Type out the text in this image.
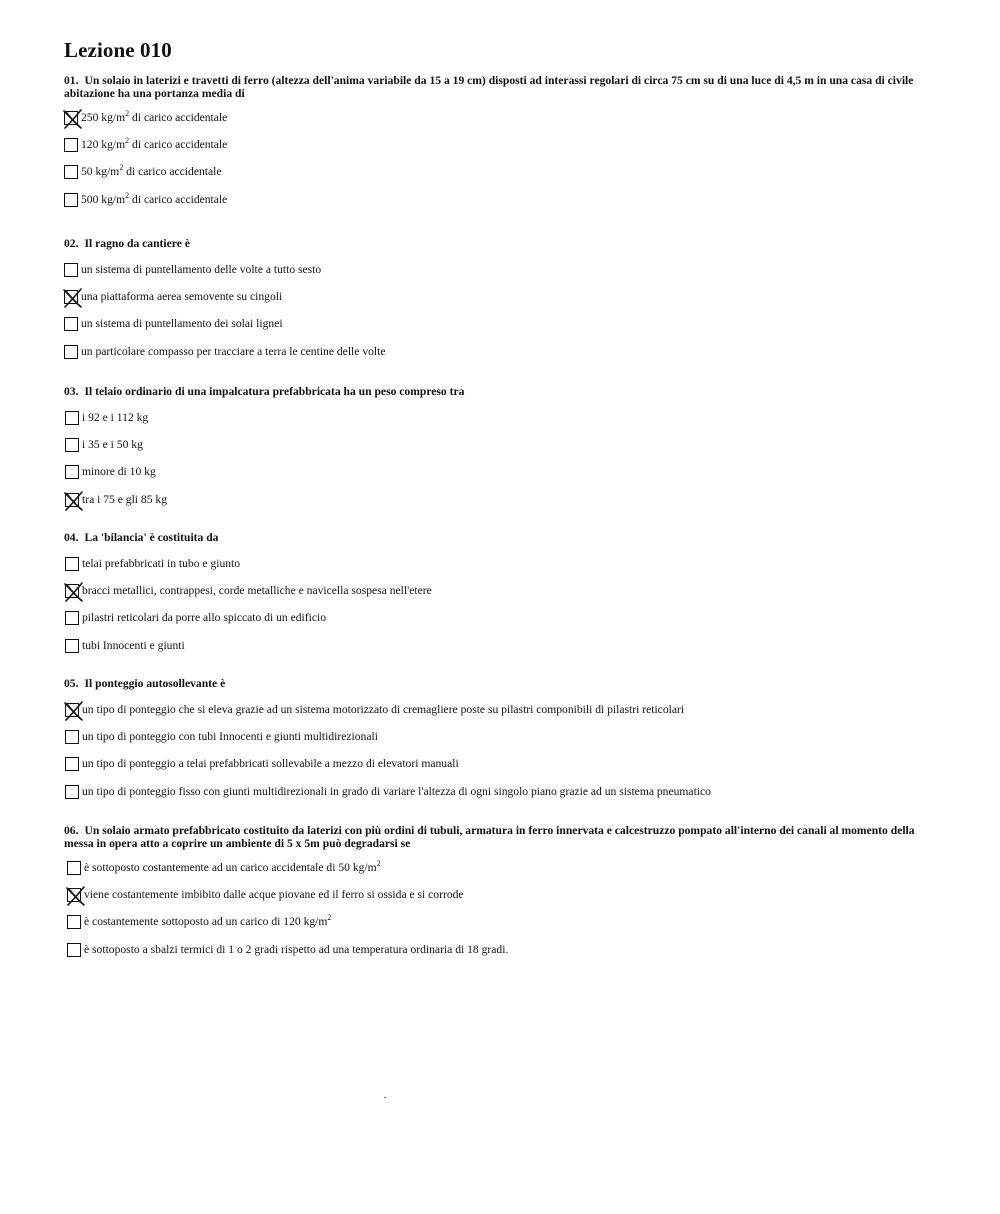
Lezione 010

01. Un solaio in laterizi e travetti di ferro (altezza dell'anima variabile da 15 a 19 cm) disposti ad interassi regolari di circa 75 cm su di una luce di 4,5 m in una casa di civile abitazione ha una portanza media di

250 $kg/m^2$ di carico accidentale
120 $kg/m^2$ di carico accidentale
50 $kg/m^2$ di carico accidentale
500 $kg/m^2$ di carico accidentale

02. Il ragno da cantiere è

un sistema di puntellamento delle volte a tutto sesto
una piattaforma aerea semovente su cingoli
un sistema di puntellamento dei solai lignei
un particolare compasso per tracciare a terra le centine delle volte

03. Il telaio ordinario di una impalcatura prefabbricata ha un peso compreso tra

i 92 e i 112 kg
i 35 e i 50 kg
minore di 10 kg
tra i 75 e gli 85 kg

04. La 'bilancia' è costituita da

telai prefabbricati in tubo e giunto
bracci metallici, contrappesi, corde metalliche e navicella sospesa nell'etere
pilastri reticolari da porre allo spiccato di un edificio
tubi Innocenti e giunti

05. Il ponteggio autosollevante è

un tipo di ponteggio che si eleva grazie ad un sistema motorizzato di cremagliere poste su pilastri componibili di pilastri reticolari
un tipo di ponteggio con tubi Innocenti e giunti multidirezionali
un tipo di ponteggio a telai prefabbricati sollevabile a mezzo di elevatori manuali
un tipo di ponteggio fisso con giunti multidirezionali in grado di variare l'altezza di ogni singolo piano grazie ad un sistema pneumatico

06. Un solaio armato prefabbricato costituito da laterizi con più ordini di tubuli, armatura in ferro innervata e calcestruzzo pompato all'interno dei canali al momento della messa in opera atto a coprire un ambiente di 5 x 5m può degradarsi se

è sottoposto costantemente ad un carico accidentale di 50 $kg/m^2$
viene costantemente imbibito dalle acque piovane ed il ferro si ossida e si corrode
è costantemente sottoposto ad un carico di 120 $kg/m^2$
è sottoposto a sbalzi termici di 1 o 2 gradi rispetto ad una temperatura ordinaria di 18 gradi.
